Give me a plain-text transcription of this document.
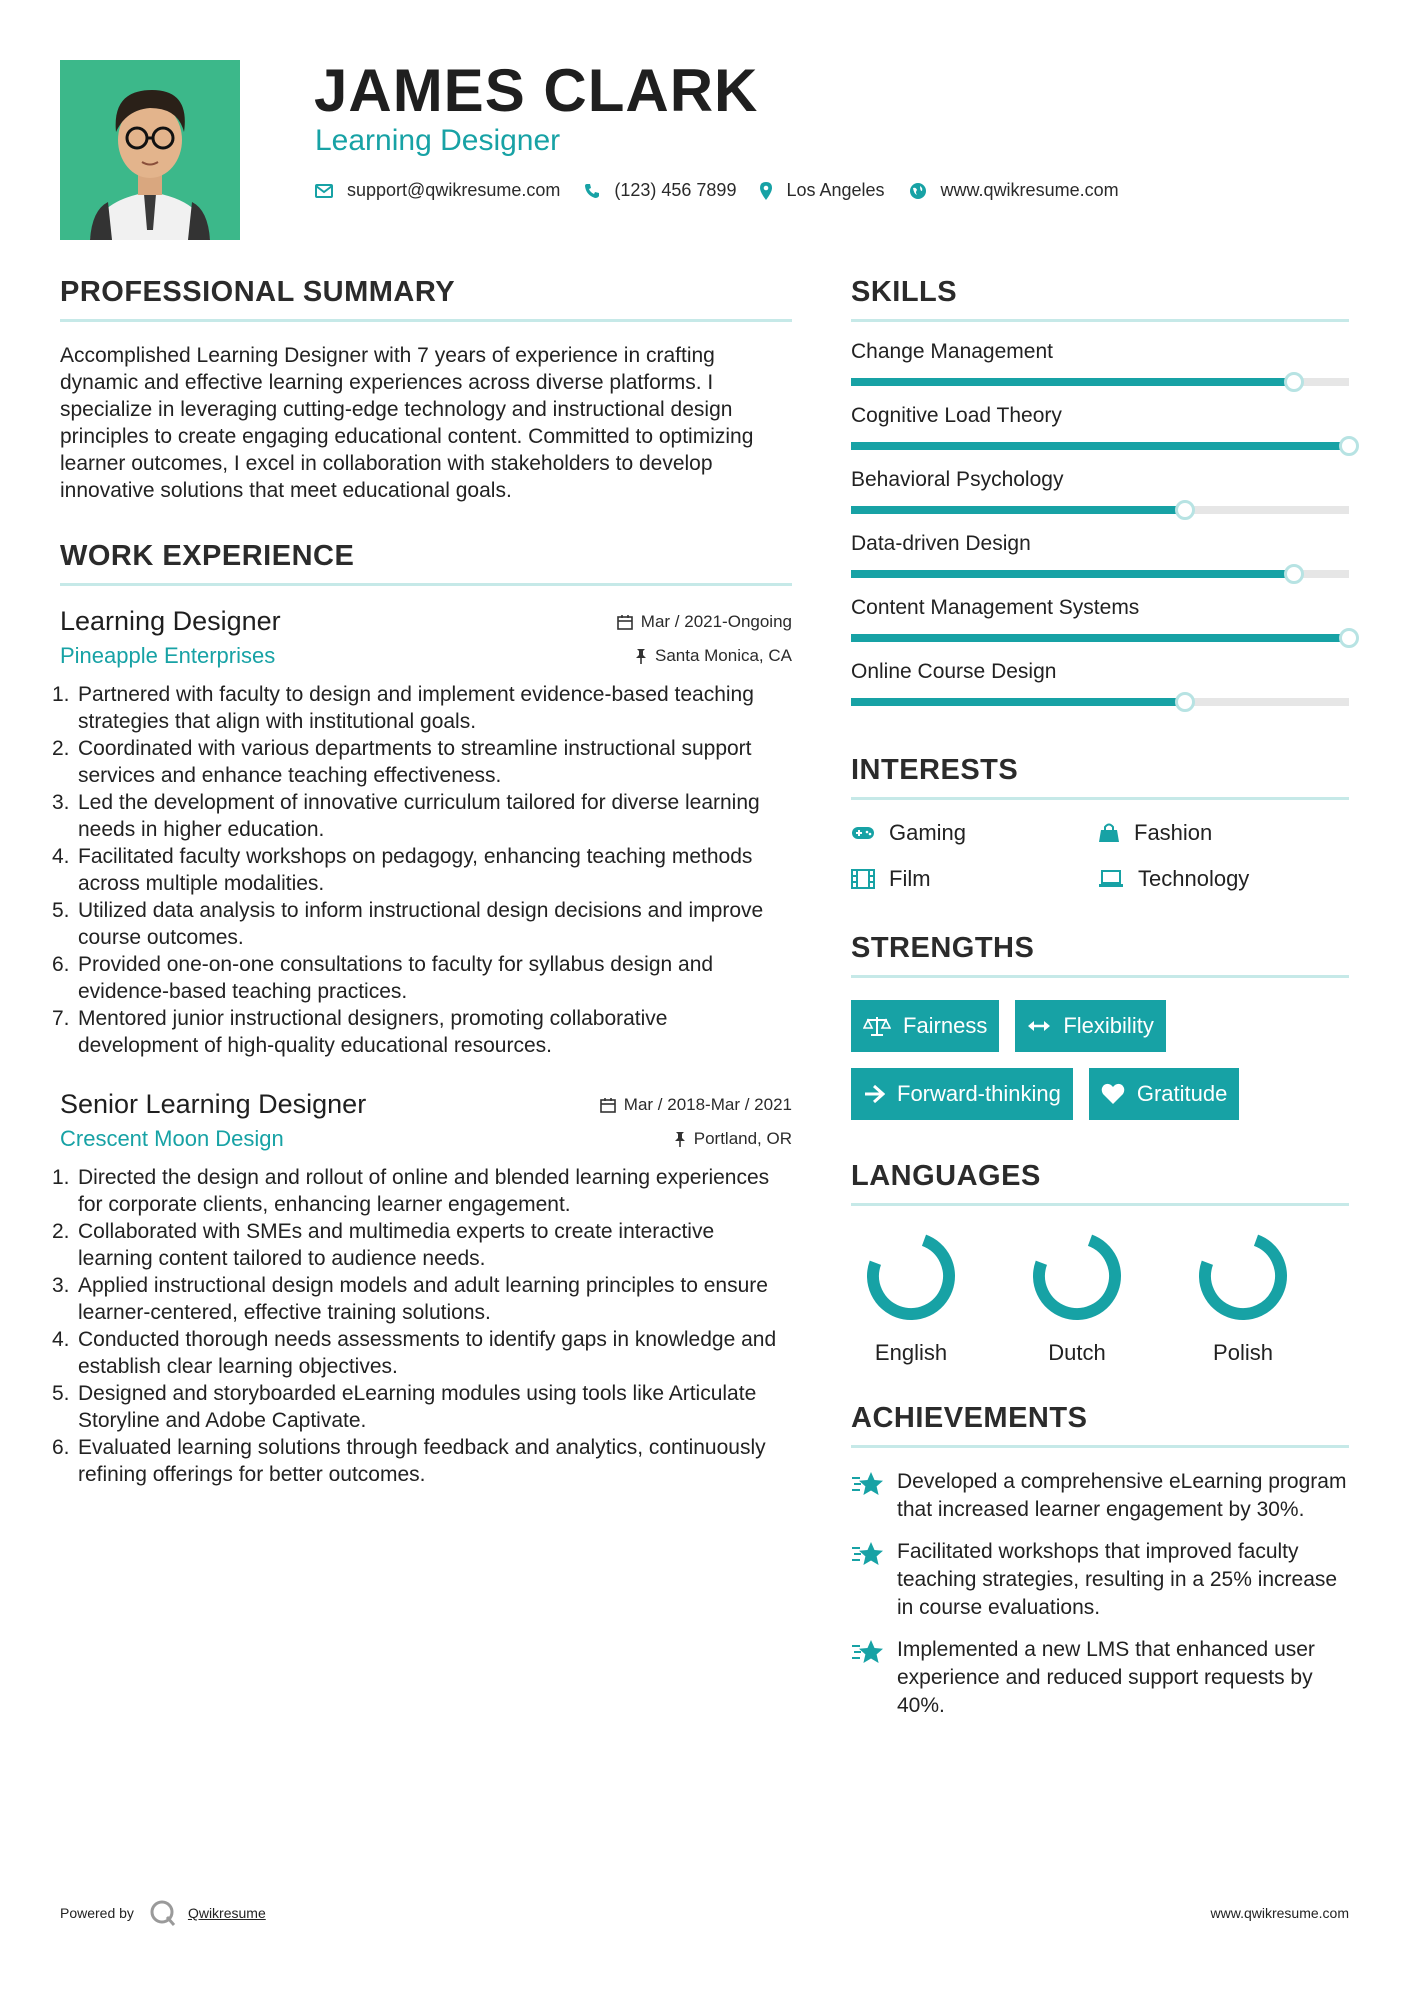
JAMES CLARK
Learning Designer
support@qwikresume.com	(123) 456 7899	Los Angeles	www.qwikresume.com
PROFESSIONAL SUMMARY

Accomplished Learning Designer with 7 years of experience in crafting dynamic and effective learning experiences across diverse platforms. I specialize in leveraging cutting-edge technology and instructional design principles to create engaging educational content. Committed to optimizing learner outcomes, I excel in collaboration with stakeholders to develop innovative solutions that meet educational goals.

WORK EXPERIENCE
Learning Designer	Mar / 2021-Ongoing
Pineapple Enterprises	Santa Monica, CA
1. Partnered with faculty to design and implement evidence-based teaching strategies that align with institutional goals.
2. Coordinated with various departments to streamline instructional support services and enhance teaching effectiveness.
3. Led the development of innovative curriculum tailored for diverse learning needs in higher education.
4. Facilitated faculty workshops on pedagogy, enhancing teaching methods across multiple modalities.
5. Utilized data analysis to inform instructional design decisions and improve course outcomes.
6. Provided one-on-one consultations to faculty for syllabus design and evidence-based teaching practices.
7. Mentored junior instructional designers, promoting collaborative development of high-quality educational resources.
Senior Learning Designer	Mar / 2018-Mar / 2021
Crescent Moon Design	Portland, OR
1. Directed the design and rollout of online and blended learning experiences for corporate clients, enhancing learner engagement.
2. Collaborated with SMEs and multimedia experts to create interactive learning content tailored to audience needs.
3. Applied instructional design models and adult learning principles to ensure learner-centered, effective training solutions.
4. Conducted thorough needs assessments to identify gaps in knowledge and establish clear learning objectives.
5. Designed and storyboarded eLearning modules using tools like Articulate Storyline and Adobe Captivate.
6. Evaluated learning solutions through feedback and analytics, continuously refining offerings for better outcomes.
SKILLS
Change Management
Cognitive Load Theory
Behavioral Psychology
Data-driven Design
Content Management Systems
Online Course Design
INTERESTS
Gaming	Fashion
Film	Technology
STRENGTHS
Fairness	Flexibility
Forward-thinking	Gratitude
LANGUAGES
English	Dutch	Polish
ACHIEVEMENTS
Developed a comprehensive eLearning program that increased learner engagement by 30%.
Facilitated workshops that improved faculty teaching strategies, resulting in a 25% increase in course evaluations.
Implemented a new LMS that enhanced user experience and reduced support requests by 40%.
Powered by	Qwikresume	www.qwikresume.com
